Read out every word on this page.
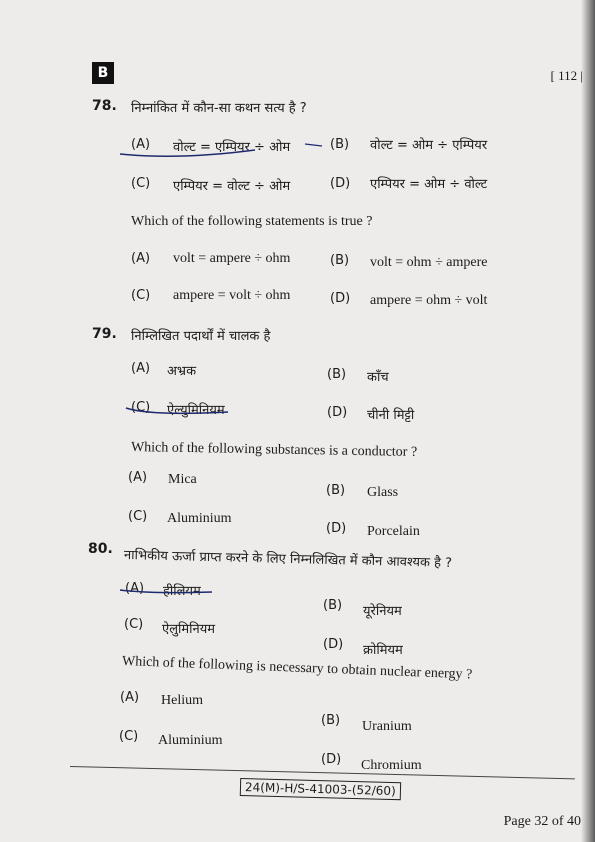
B	[ 112 |
78. निम्नांकित में कौन-सा कथन सत्य है ?
(A) वोल्ट = एम्पियर ÷ ओम	(B) वोल्ट = ओम ÷ एम्पियर
(C) एम्पियर = वोल्ट ÷ ओम	(D) एम्पियर = ओम ÷ वोल्ट
Which of the following statements is true ?
(A) volt = ampere ÷ ohm	(B) volt = ohm ÷ ampere
(C) ampere = volt ÷ ohm	(D) ampere = ohm ÷ volt
79. निम्लिखित पदार्थों में चालक है
(A) अभ्रक	(B) काँच
(C) ऐल्युमिनियम	(D) चीनी मिट्टी
Which of the following substances is a conductor ?
(A) Mica
(B) Glass
(C) Aluminium
(D) Porcelain
80. नाभिकीय ऊर्जा प्राप्त करने के लिए निम्नलिखित में कौन आवश्यक है ?
(A) हीलियम
(B) यूरेनियम
(C) ऐलुमिनियम
(D) क्रोमियम
Which of the following is necessary to obtain nuclear energy ?
(A) Helium
(B) Uranium
(C) Aluminium
(D) Chromium
24(M)-H/S-41003-(52/60)
Page 32 of 40
